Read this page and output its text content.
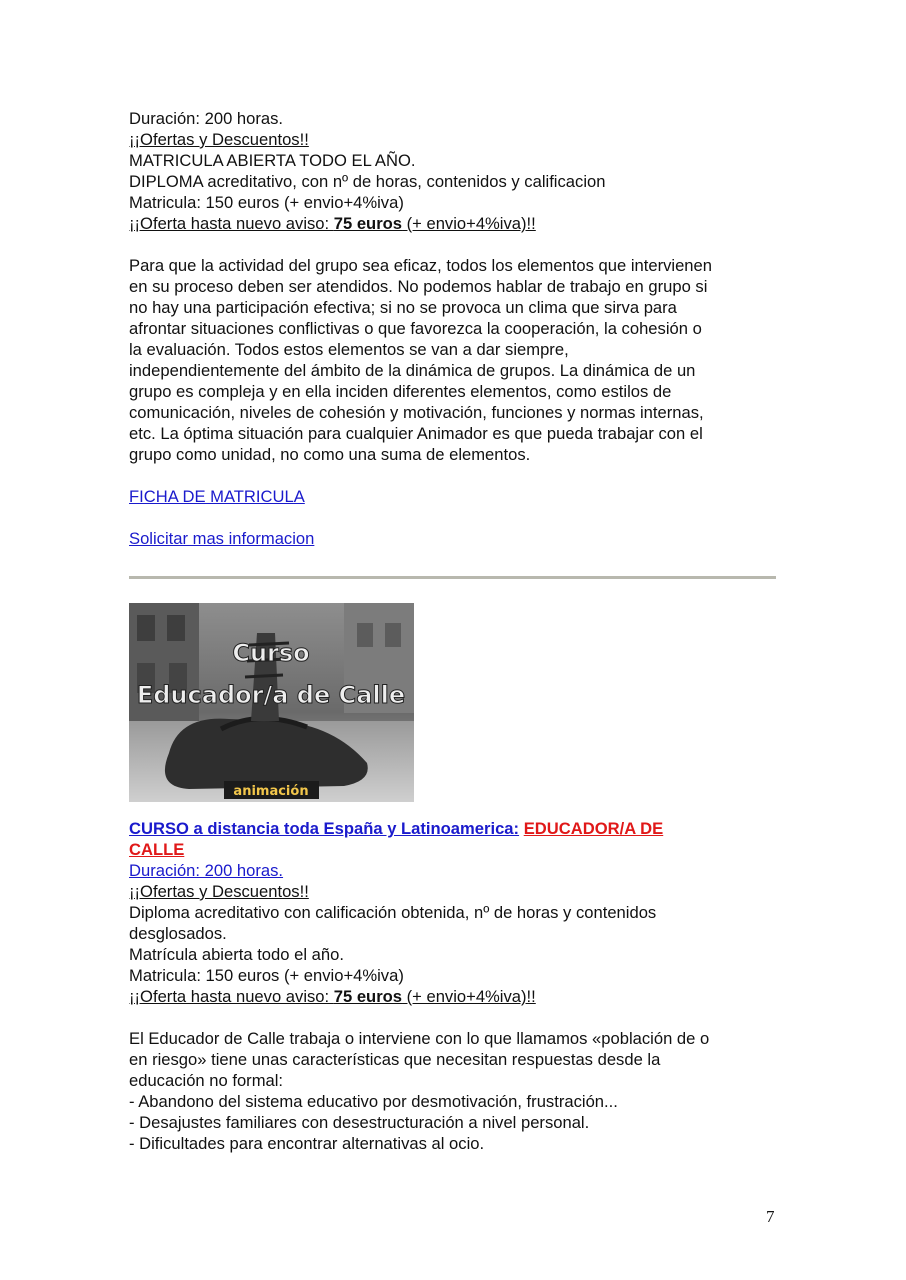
Duración: 200 horas.
¡¡Ofertas y Descuentos!!
MATRICULA ABIERTA TODO EL AÑO.
DIPLOMA acreditativo, con nº de horas, contenidos y calificacion
Matricula: 150 euros (+ envio+4%iva)
¡¡Oferta hasta nuevo aviso: 75 euros (+ envio+4%iva)!!

Para que la actividad del grupo sea eficaz, todos los elementos que intervienen

en su proceso deben ser atendidos. No podemos hablar de trabajo en grupo si

no hay una participación efectiva; si no se provoca un clima que sirva para

afrontar situaciones conflictivas o que favorezca la cooperación, la cohesión o

la evaluación. Todos estos elementos se van a dar siempre,

independientemente del ámbito de la dinámica de grupos. La dinámica de un

grupo es compleja y en ella inciden diferentes elementos, como estilos de

comunicación, niveles de cohesión y motivación, funciones y normas internas,

etc. La óptima situación para cualquier Animador es que pueda trabajar con el

grupo como unidad, no como una suma de elementos.

FICHA DE MATRICULA
Solicitar mas informacion
Curso
Educador/a de Calle
animación
CURSO a distancia toda España y Latinoamerica: EDUCADOR/A DE
CALLE
Duración: 200 horas.
¡¡Ofertas y Descuentos!!
Diploma acreditativo con calificación obtenida, nº de horas y contenidos
desglosados.
Matrícula abierta todo el año.
Matricula: 150 euros (+ envio+4%iva)
¡¡Oferta hasta nuevo aviso: 75 euros (+ envio+4%iva)!!

El Educador de Calle trabaja o interviene con lo que llamamos «población de o

en riesgo» tiene unas características que necesitan respuestas desde la

educación no formal:

- Abandono del sistema educativo por desmotivación, frustración...

- Desajustes familiares con desestructuración a nivel personal.

- Dificultades para encontrar alternativas al ocio.

7
